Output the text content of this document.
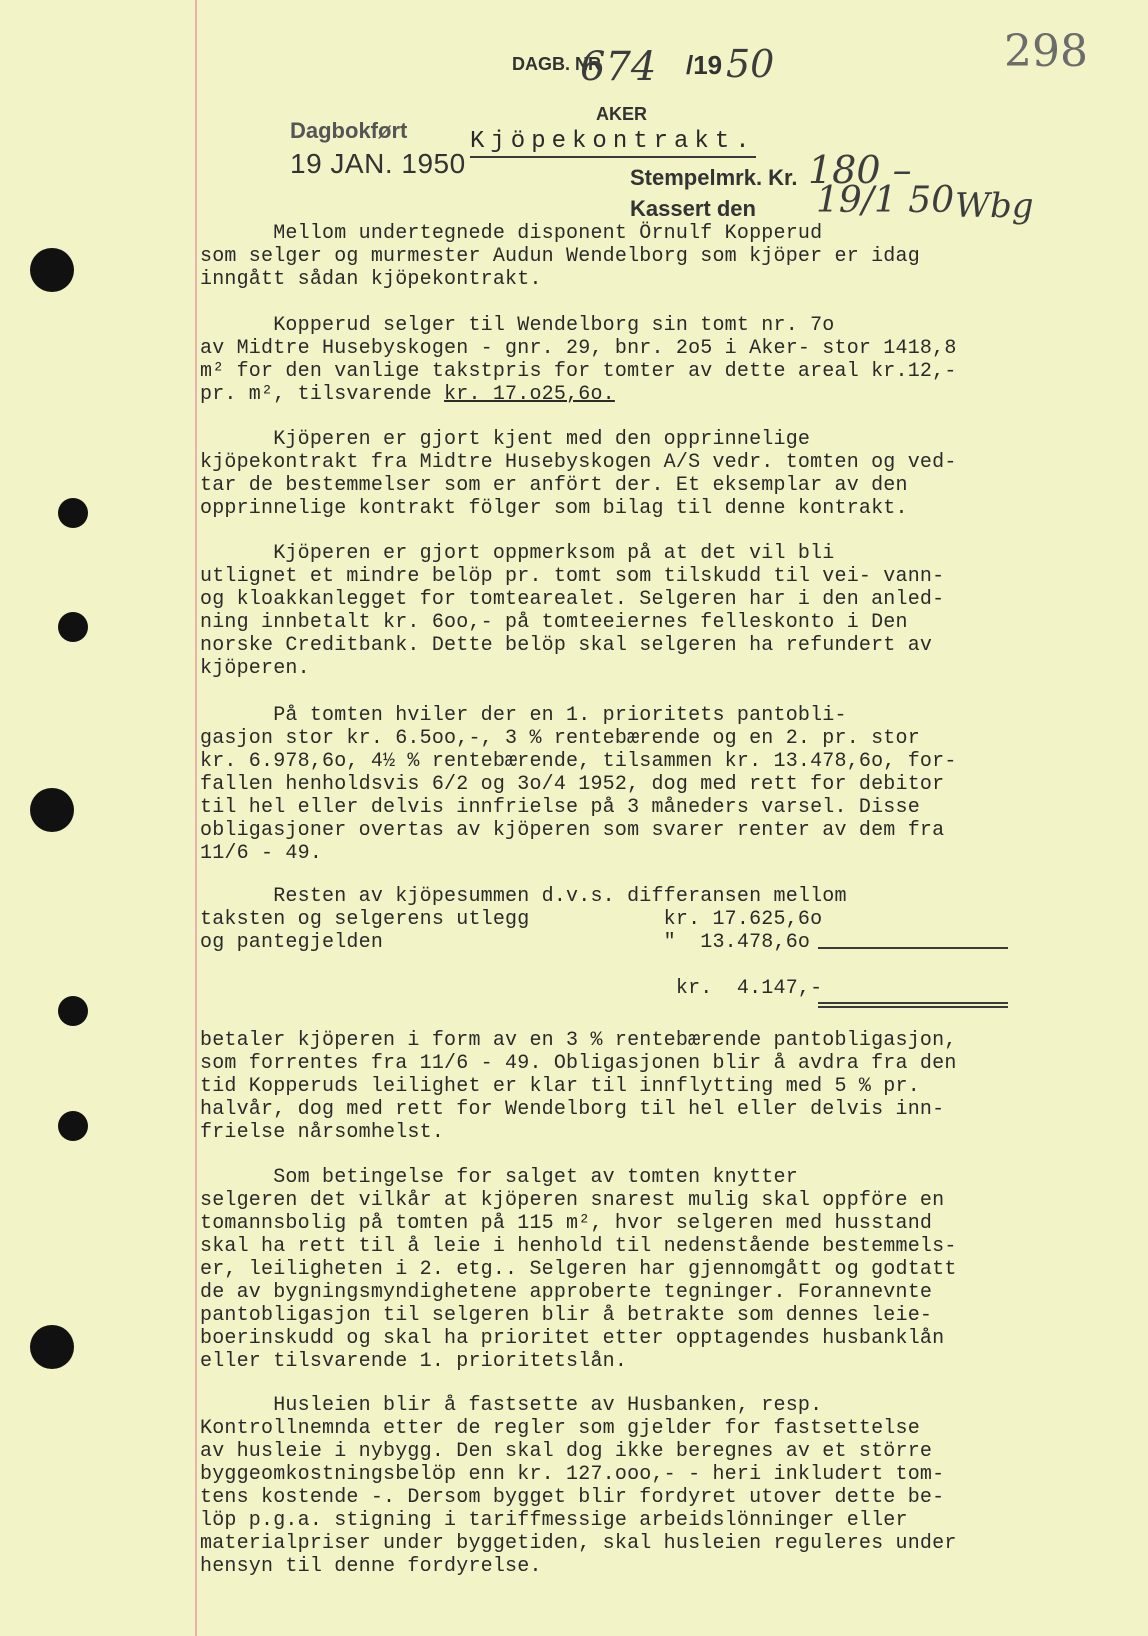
298
DAGB. NR
674 /19 50
AKER
Dagbokført
19 JAN. 1950
Kjöpekontrakt.
Stempelmrk. Kr. 180 –
Kassert den 19/1 50 Wbg
Mellom undertegnede disponent Örnulf Kopperud
som selger og murmester Audun Wendelborg som kjöper er idag
inngått sådan kjöpekontrakt.
Kopperud selger til Wendelborg sin tomt nr. 7o
av Midtre Husebyskogen - gnr. 29, bnr. 2o5 i Aker- stor 1418,8
m² for den vanlige takstpris for tomter av dette areal kr.12,-
pr. m², tilsvarende kr. 17.o25,6o.
Kjöperen er gjort kjent med den opprinnelige
kjöpekontrakt fra Midtre Husebyskogen A/S vedr. tomten og ved-
tar de bestemmelser som er anfört der. Et eksemplar av den
opprinnelige kontrakt fölger som bilag til denne kontrakt.
Kjöperen er gjort oppmerksom på at det vil bli
utlignet et mindre belöp pr. tomt som tilskudd til vei- vann-
og kloakkanlegget for tomtearealet. Selgeren har i den anled-
ning innbetalt kr. 6oo,- på tomteeiernes felleskonto i Den
norske Creditbank. Dette belöp skal selgeren ha refundert av
kjöperen.
På tomten hviler der en 1. prioritets pantobli-
gasjon stor kr. 6.5oo,-, 3 % rentebærende og en 2. pr. stor
kr. 6.978,6o, 4½ % rentebærende, tilsammen kr. 13.478,6o, for-
fallen henholdsvis 6/2 og 3o/4 1952, dog med rett for debitor
til hel eller delvis innfrielse på 3 måneders varsel. Disse
obligasjoner overtas av kjöperen som svarer renter av dem fra
11/6 - 49.
Resten av kjöpesummen d.v.s. differansen mellom
taksten og selgerens utlegg           kr. 17.625,6o
og pantegjelden                       "  13.478,6o
kr.  4.147,-
betaler kjöperen i form av en 3 % rentebærende pantobligasjon,
som forrentes fra 11/6 - 49. Obligasjonen blir å avdra fra den
tid Kopperuds leilighet er klar til innflytting med 5 % pr.
halvår, dog med rett for Wendelborg til hel eller delvis inn-
frielse nårsomhelst.
Som betingelse for salget av tomten knytter
selgeren det vilkår at kjöperen snarest mulig skal oppföre en
tomannsbolig på tomten på 115 m², hvor selgeren med husstand
skal ha rett til å leie i henhold til nedenstående bestemmels-
er, leiligheten i 2. etg.. Selgeren har gjennomgått og godtatt
de av bygningsmyndighetene approberte tegninger. Forannevnte
pantobligasjon til selgeren blir å betrakte som dennes leie-
boerinskudd og skal ha prioritet etter opptagendes husbanklån
eller tilsvarende 1. prioritetslån.
Husleien blir å fastsette av Husbanken, resp.
Kontrollnemnda etter de regler som gjelder for fastsettelse
av husleie i nybygg. Den skal dog ikke beregnes av et större
byggeomkostningsbelöp enn kr. 127.ooo,- - heri inkludert tom-
tens kostende -. Dersom bygget blir fordyret utover dette be-
löp p.g.a. stigning i tariffmessige arbeidslönninger eller
materialpriser under byggetiden, skal husleien reguleres under
hensyn til denne fordyrelse.
